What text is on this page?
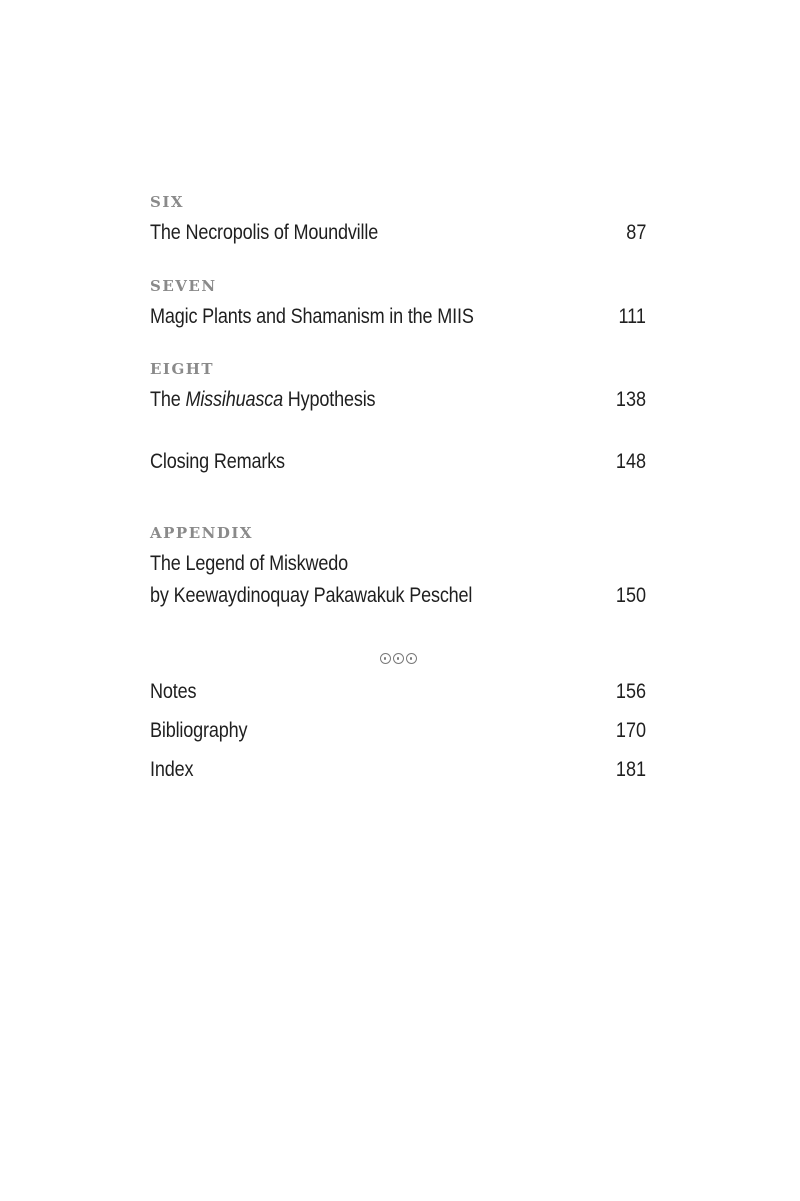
SIX
The Necropolis of Moundville	87
SEVEN
Magic Plants and Shamanism in the MIIS	111
EIGHT
The Missihuasca Hypothesis	138
Closing Remarks	148
APPENDIX
The Legend of Miskwedo
by Keewaydinoquay Pakawakuk Peschel	150
Notes	156
Bibliography	170
Index	181
